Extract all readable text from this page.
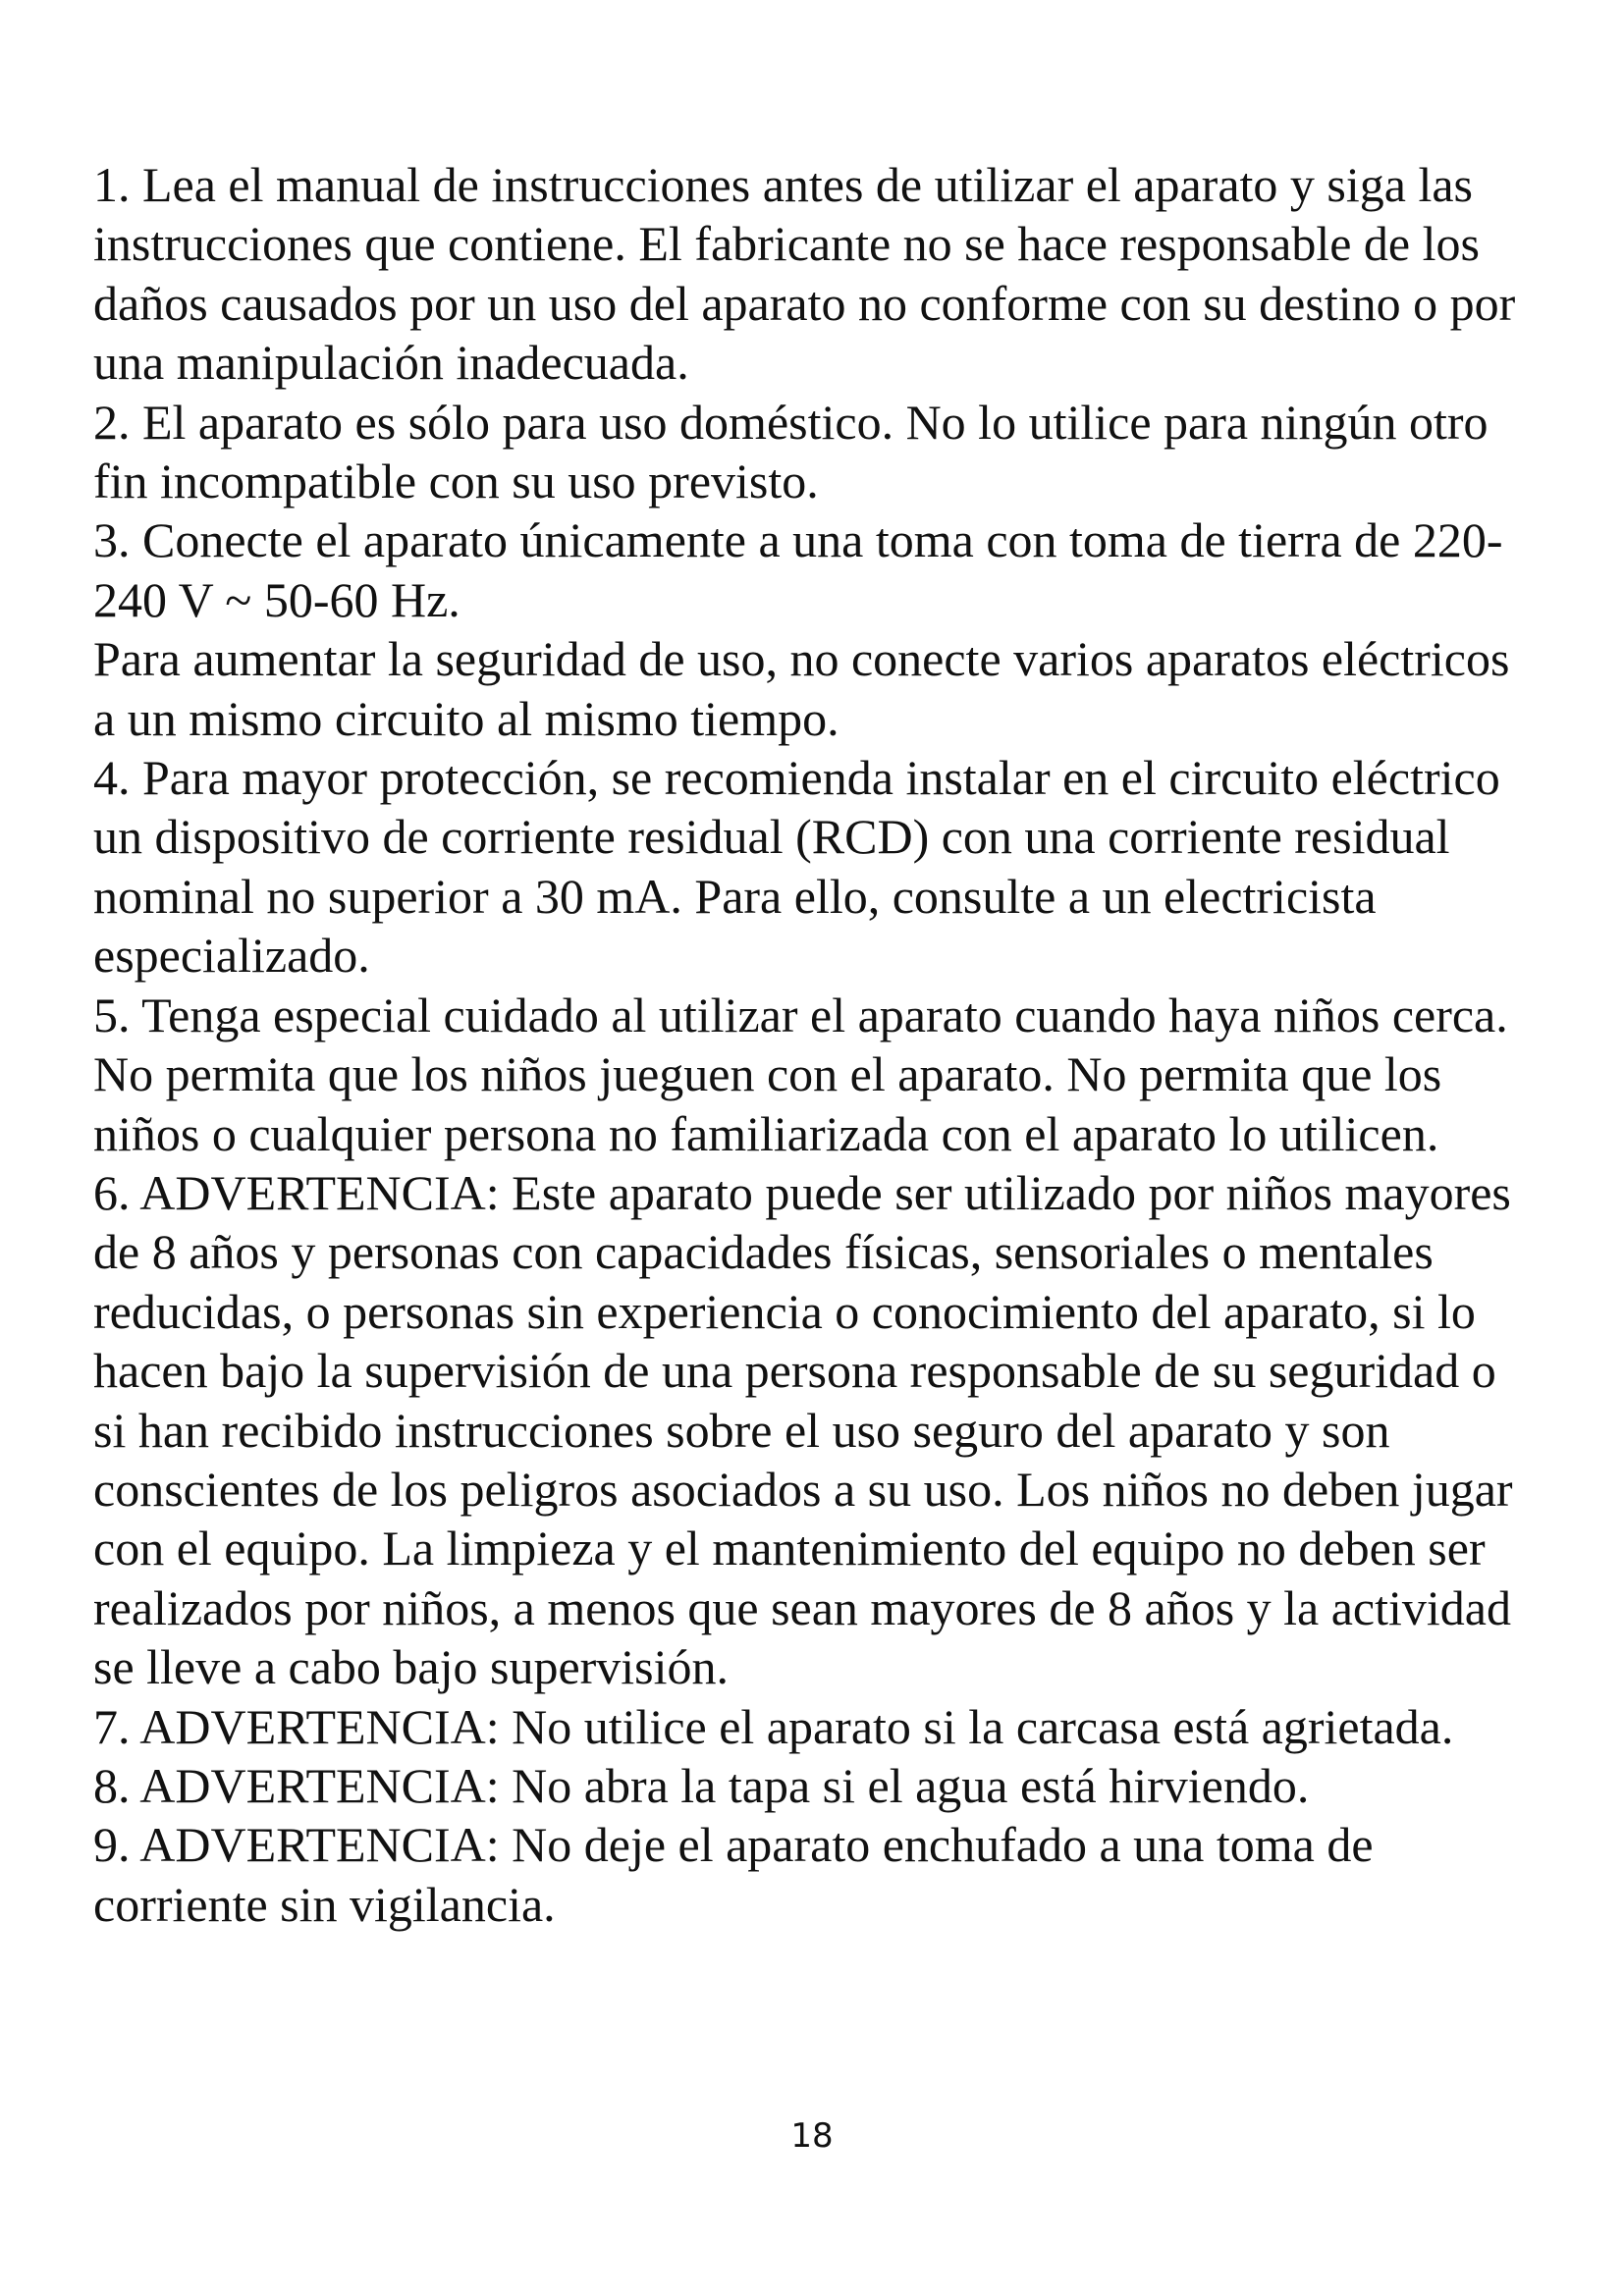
1. Lea el manual de instrucciones antes de utilizar el aparato y siga las instrucciones que contiene. El fabricante no se hace responsable de los daños causados por un uso del aparato no conforme con su destino o por una manipulación inadecuada.

2. El aparato es sólo para uso doméstico. No lo utilice para ningún otro fin incompatible con su uso previsto.

3. Conecte el aparato únicamente a una toma con toma de tierra de 220-240 V ~ 50-60 Hz.

Para aumentar la seguridad de uso, no conecte varios aparatos eléctricos a un mismo circuito al mismo tiempo.

4. Para mayor protección, se recomienda instalar en el circuito eléctrico un dispositivo de corriente residual (RCD) con una corriente residual nominal no superior a 30 mA. Para ello, consulte a un electricista especializado.

5. Tenga especial cuidado al utilizar el aparato cuando haya niños cerca. No permita que los niños jueguen con el aparato. No permita que los niños o cualquier persona no familiarizada con el aparato lo utilicen.

6. ADVERTENCIA: Este aparato puede ser utilizado por niños mayores de 8 años y personas con capacidades físicas, sensoriales o mentales reducidas, o personas sin experiencia o conocimiento del aparato, si lo hacen bajo la supervisión de una persona responsable de su seguridad o si han recibido instrucciones sobre el uso seguro del aparato y son conscientes de los peligros asociados a su uso. Los niños no deben jugar con el equipo. La limpieza y el mantenimiento del equipo no deben ser realizados por niños, a menos que sean mayores de 8 años y la actividad se lleve a cabo bajo supervisión.

7. ADVERTENCIA: No utilice el aparato si la carcasa está agrietada.

8. ADVERTENCIA: No abra la tapa si el agua está hirviendo.

9. ADVERTENCIA: No deje el aparato enchufado a una toma de corriente sin vigilancia.

18
